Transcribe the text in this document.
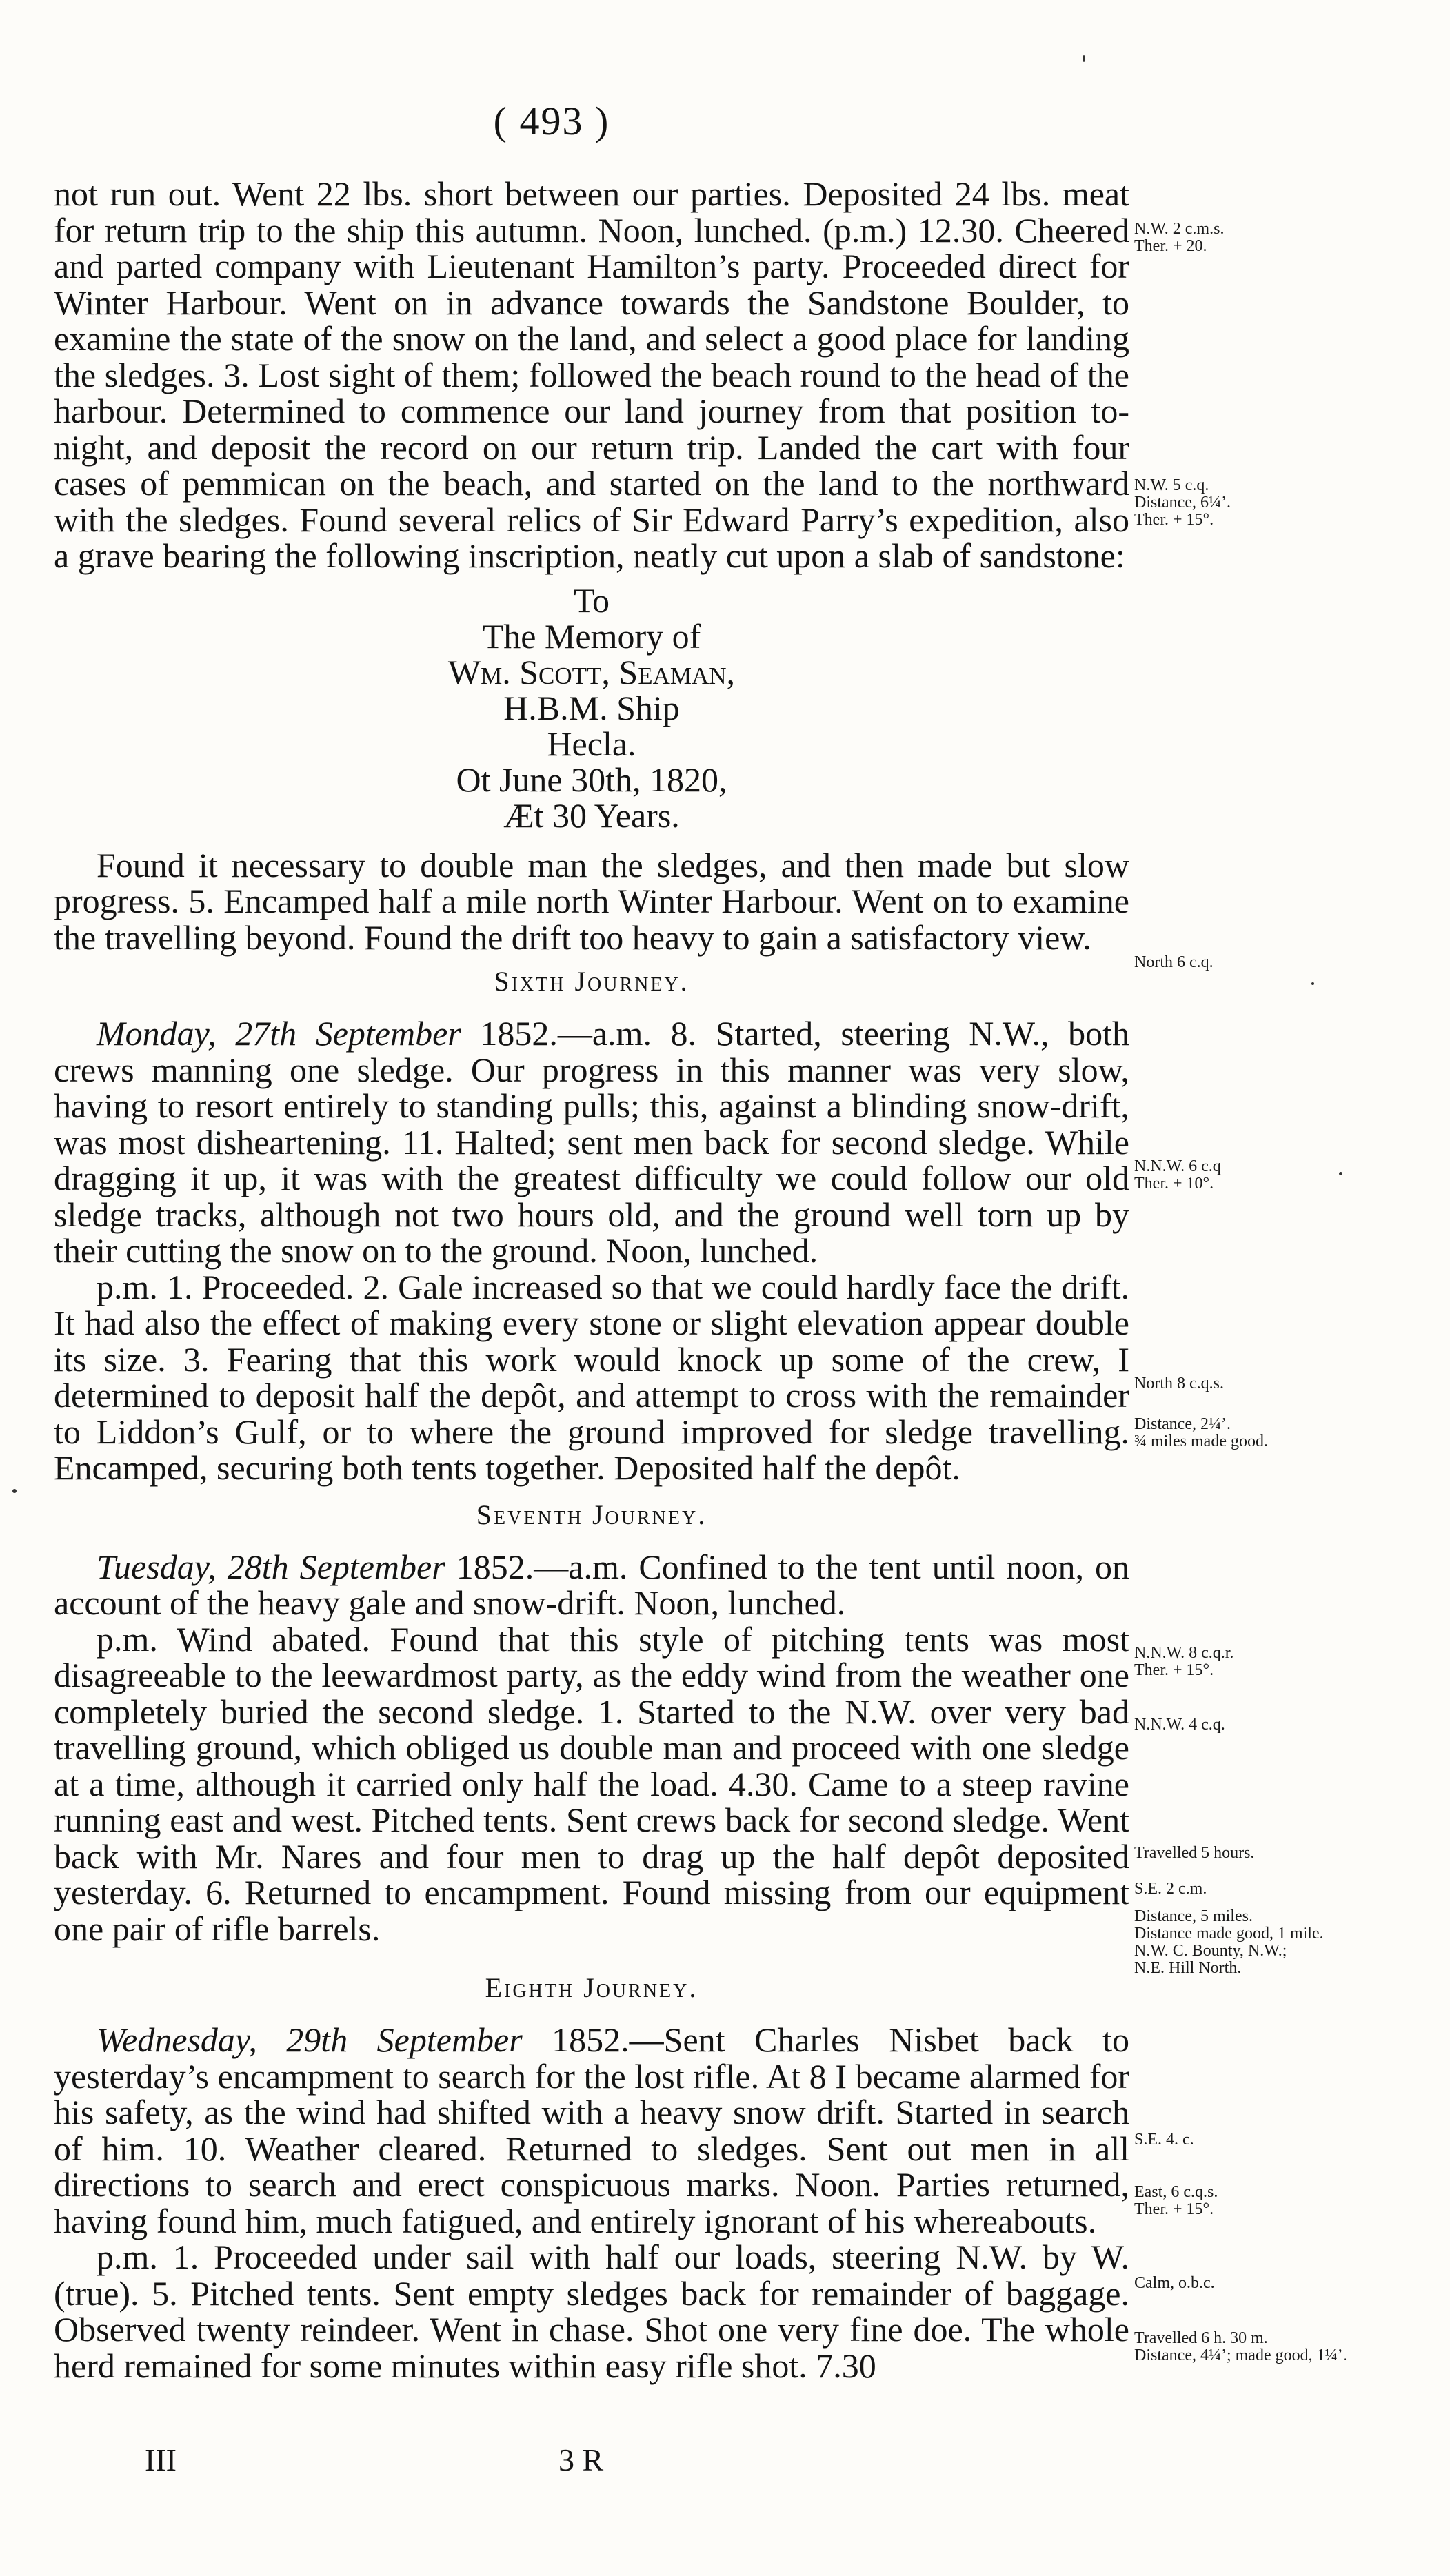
( 493 )

not run out. Went 22 lbs. short between our parties. Deposited 24 lbs. meat for return trip to the ship this autumn. Noon, lunched. (p.m.) 12.30. Cheered and parted company with Lieutenant Hamilton’s party. Proceeded direct for Winter Harbour. Went on in advance towards the Sandstone Boulder, to examine the state of the snow on the land, and select a good place for landing the sledges. 3. Lost sight of them; followed the beach round to the head of the harbour. Determined to commence our land journey from that position to-night, and deposit the record on our return trip. Landed the cart with four cases of pemmican on the beach, and started on the land to the northward with the sledges. Found several relics of Sir Edward Parry’s expedition, also a grave bearing the following inscription, neatly cut upon a slab of sandstone:

To
The Memory of
Wm. Scott, Seaman,
H.B.M. Ship
Hecla.
Ot June 30th, 1820,
Æt 30 Years.

Found it necessary to double man the sledges, and then made but slow progress. 5. Encamped half a mile north Winter Harbour. Went on to examine the travelling beyond. Found the drift too heavy to gain a satisfactory view.

Sixth Journey.

Monday, 27th September 1852.—a.m. 8. Started, steering N.W., both crews manning one sledge. Our progress in this manner was very slow, having to resort entirely to standing pulls; this, against a blinding snow-drift, was most disheartening. 11. Halted; sent men back for second sledge. While dragging it up, it was with the greatest difficulty we could follow our old sledge tracks, although not two hours old, and the ground well torn up by their cutting the snow on to the ground. Noon, lunched.

p.m. 1. Proceeded. 2. Gale increased so that we could hardly face the drift. It had also the effect of making every stone or slight elevation appear double its size. 3. Fearing that this work would knock up some of the crew, I determined to deposit half the depôt, and attempt to cross with the remainder to Liddon’s Gulf, or to where the ground improved for sledge travelling. Encamped, securing both tents together. Deposited half the depôt.

Seventh Journey.

Tuesday, 28th September 1852.—a.m. Confined to the tent until noon, on account of the heavy gale and snow-drift. Noon, lunched.

p.m. Wind abated. Found that this style of pitching tents was most disagreeable to the leewardmost party, as the eddy wind from the weather one completely buried the second sledge. 1. Started to the N.W. over very bad travelling ground, which obliged us double man and proceed with one sledge at a time, although it carried only half the load. 4.30. Came to a steep ravine running east and west. Pitched tents. Sent crews back for second sledge. Went back with Mr. Nares and four men to drag up the half depôt deposited yesterday. 6. Returned to encampment. Found missing from our equipment one pair of rifle barrels.

Eighth Journey.

Wednesday, 29th September 1852.—Sent Charles Nisbet back to yesterday’s encampment to search for the lost rifle. At 8 I became alarmed for his safety, as the wind had shifted with a heavy snow drift. Started in search of him. 10. Weather cleared. Returned to sledges. Sent out men in all directions to search and erect conspicuous marks. Noon. Parties returned, having found him, much fatigued, and entirely ignorant of his whereabouts.

p.m. 1. Proceeded under sail with half our loads, steering N.W. by W. (true). 5. Pitched tents. Sent empty sledges back for remainder of baggage. Observed twenty reindeer. Went in chase. Shot one very fine doe. The whole herd remained for some minutes within easy rifle shot. 7.30

N.W. 2 c.m.s.
Ther. + 20.
N.W. 5 c.q.
Distance, 6¼’.
Ther. + 15°.
North 6 c.q.
N.N.W. 6 c.q
Ther. + 10°.
North 8 c.q.s.
Distance, 2¼’.
¾ miles made good.
N.N.W. 8 c.q.r.
Ther. + 15°.
N.N.W. 4 c.q.
Travelled 5 hours.
S.E. 2 c.m.
Distance, 5 miles.
Distance made good, 1 mile.
N.W. C. Bounty, N.W.;
N.E. Hill North.
S.E. 4. c.
East, 6 c.q.s.
Ther. + 15°.
Calm, o.b.c.
Travelled 6 h. 30 m.
Distance, 4¼’; made good, 1¼’.
III	3 R
